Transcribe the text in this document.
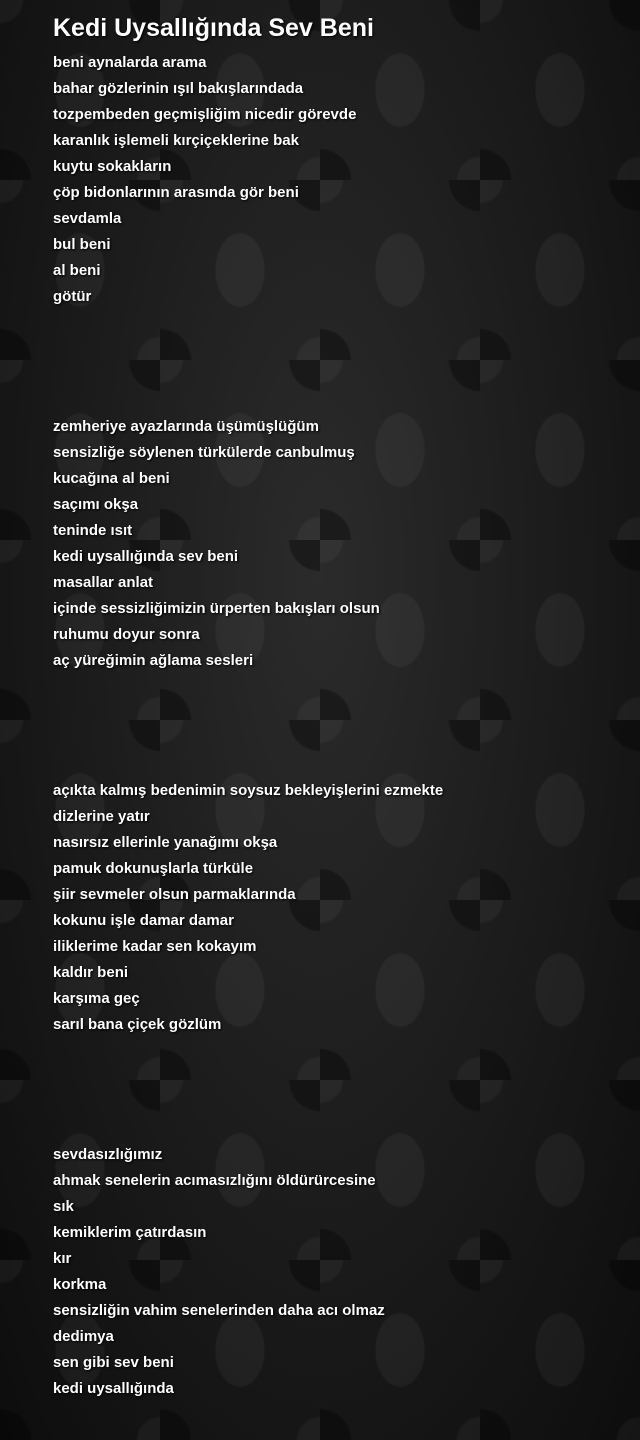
Kedi Uysallığında Sev Beni
beni aynalarda arama
bahar gözlerinin ışıl bakışlarındada
tozpembeden geçmişliğim nicedir görevde
karanlık işlemeli kırçiçeklerine bak
kuytu sokakların
çöp bidonlarının arasında gör beni
sevdamla
bul beni
al beni
götür
zemheriye ayazlarında üşümüşlüğüm
sensizliğe söylenen türkülerde canbulmuş
kucağına al beni
saçımı okşa
teninde ısıt
kedi uysallığında sev beni
masallar anlat
içinde sessizliğimizin ürperten bakışları olsun
ruhumu doyur sonra
aç yüreğimin ağlama sesleri
açıkta kalmış bedenimin soysuz bekleyişlerini ezmekte
dizlerine yatır
nasırsız ellerinle yanağımı okşa
pamuk dokunuşlarla türküle
şiir sevmeler olsun parmaklarında
kokunu işle damar damar
iliklerime kadar sen kokayım
kaldır beni
karşıma geç
sarıl bana çiçek gözlüm
sevdasızlığımız
ahmak senelerin acımasızlığını öldürürcesine
sık
kemiklerim çatırdasın
kır
korkma
sensizliğin vahim senelerinden daha acı olmaz
dedimya
sen gibi sev beni
kedi uysallığında
